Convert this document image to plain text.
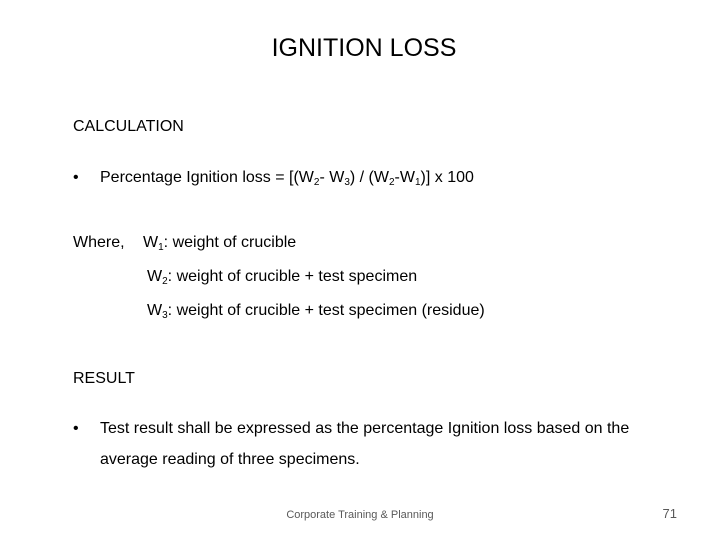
IGNITION LOSS
CALCULATION
•	Percentage Ignition loss = [($W_2-$ $W_3) / (W_2-W_1)$] x 100
Where, $W_1$: weight of crucible
$W_2$: weight of crucible + test specimen
$W_3$: weight of crucible + test specimen (residue)
RESULT
•	Test result shall be expressed as the percentage Ignition loss based on the average reading of three specimens.
Corporate Training & Planning	71
